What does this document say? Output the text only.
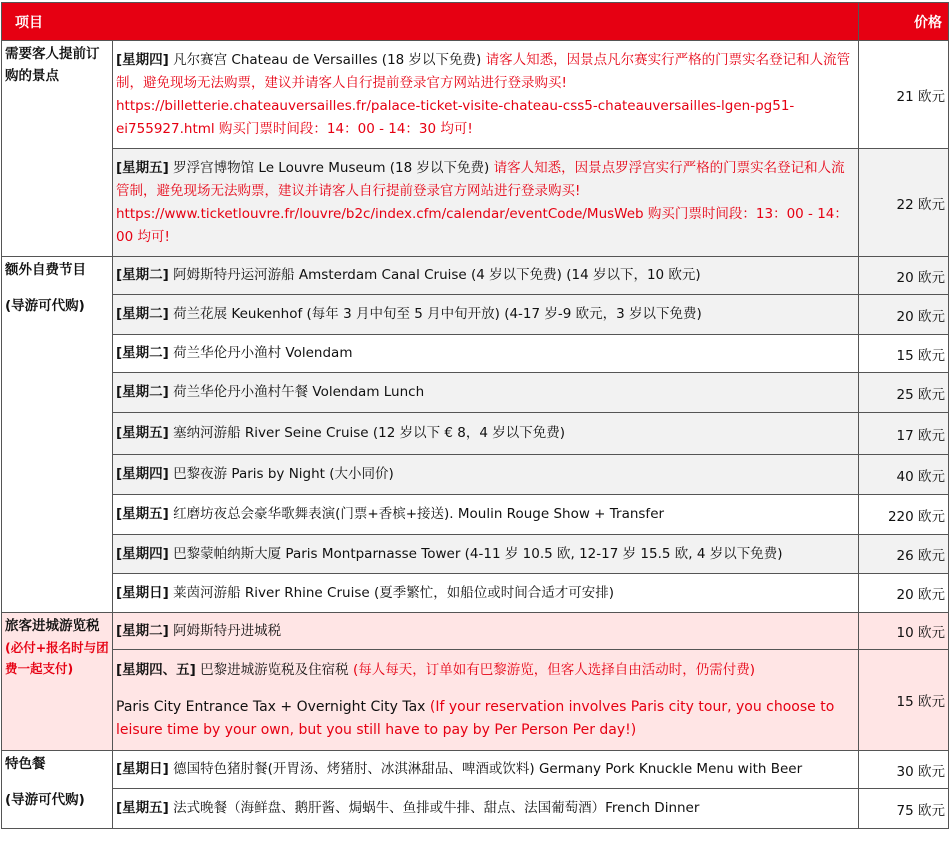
项目		价格

需要客人提前订购的景点	[星期四] 凡尔赛宫 Chateau de Versailles (18 岁以下免费) 请客人知悉，因景点凡尔赛实行严格的门票实名登记和人流管制，避免现场无法购票，建议并请客人自行提前登录官方网站进行登录购买! https://billetterie.chateauversailles.fr/palace-ticket-visite-chateau-css5-chateauversailles-lgen-pg51-ei755927.html 购买门票时间段：14：00 - 14：30 均可!	21 欧元
	[星期五] 罗浮宫博物馆 Le Louvre Museum (18 岁以下免费) 请客人知悉，因景点罗浮宫实行严格的门票实名登记和人流管制，避免现场无法购票，建议并请客人自行提前登录官方网站进行登录购买! https://www.ticketlouvre.fr/louvre/b2c/index.cfm/calendar/eventCode/MusWeb 购买门票时间段：13：00 - 14：00 均可!	22 欧元

额外自费节目
(导游可代购)	[星期二] 阿姆斯特丹运河游船 Amsterdam Canal Cruise (4 岁以下免费) (14 岁以下，10 欧元)	20 欧元
	[星期二] 荷兰花展 Keukenhof (每年 3 月中旬至 5 月中旬开放) (4-17 岁-9 欧元，3 岁以下免费)	20 欧元
	[星期二] 荷兰华伦丹小渔村 Volendam	15 欧元
	[星期二] 荷兰华伦丹小渔村午餐 Volendam Lunch	25 欧元
	[星期五] 塞纳河游船 River Seine Cruise (12 岁以下 € 8，4 岁以下免费)	17 欧元
	[星期四] 巴黎夜游 Paris by Night (大小同价)	40 欧元
	[星期五] 红磨坊夜总会豪华歌舞表演(门票+香槟+接送). Moulin Rouge Show + Transfer	220 欧元
	[星期四] 巴黎蒙帕纳斯大厦 Paris Montparnasse Tower (4-11 岁 10.5 欧, 12-17 岁 15.5 欧, 4 岁以下免费)	26 欧元
	[星期日] 莱茵河游船 River Rhine Cruise (夏季繁忙，如船位或时间合适才可安排)	20 欧元

旅客进城游览税
(必付+报名时与团费一起支付)	[星期二] 阿姆斯特丹进城税	10 欧元

	[星期四、五] 巴黎进城游览税及住宿税 (每人每天，订单如有巴黎游览，但客人选择自由活动时，仍需付费)
Paris City Entrance Tax + Overnight City Tax (If your reservation involves Paris city tour, you choose to leisure time by your own, but you still have to pay by Per Person Per day!)	15 欧元

特色餐
(导游可代购)	[星期日] 德国特色猪肘餐(开胃汤、烤猪肘、冰淇淋甜品、啤酒或饮料) Germany Pork Knuckle Menu with Beer	30 欧元
	[星期五] 法式晚餐（海鲜盘、鹅肝酱、焗蜗牛、鱼排或牛排、甜点、法国葡萄酒）French Dinner	75 欧元
